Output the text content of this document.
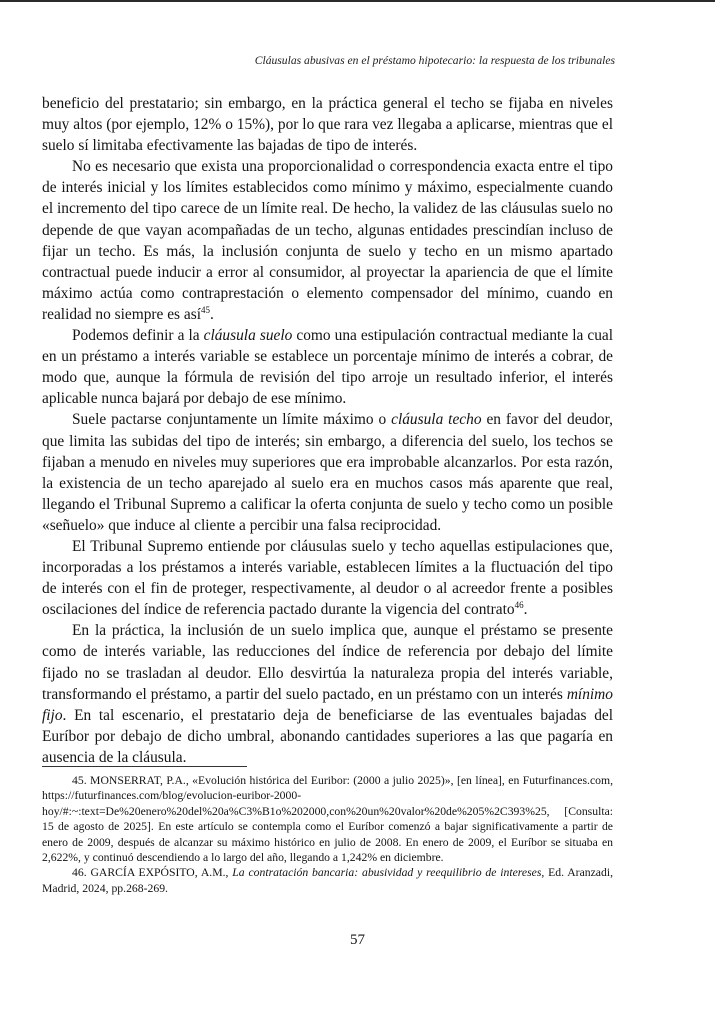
Cláusulas abusivas en el préstamo hipotecario: la respuesta de los tribunales

beneficio del prestatario; sin embargo, en la práctica general el techo se fijaba en niveles muy altos (por ejemplo, 12% o 15%), por lo que rara vez llegaba a aplicarse, mientras que el suelo sí limitaba efectivamente las bajadas de tipo de interés.

No es necesario que exista una proporcionalidad o correspondencia exacta entre el tipo de interés inicial y los límites establecidos como mínimo y máximo, especialmente cuando el incremento del tipo carece de un límite real. De hecho, la validez de las cláusulas suelo no depende de que vayan acompañadas de un techo, algunas entidades prescindían incluso de fijar un techo. Es más, la inclusión conjunta de suelo y techo en un mismo apartado contractual puede inducir a error al consumidor, al proyectar la apariencia de que el límite máximo actúa como contraprestación o elemento compensador del mínimo, cuando en realidad no siempre es así$^{45}$.

Podemos definir a la cláusula suelo como una estipulación contractual mediante la cual en un préstamo a interés variable se establece un porcentaje mínimo de interés a cobrar, de modo que, aunque la fórmula de revisión del tipo arroje un resultado inferior, el interés aplicable nunca bajará por debajo de ese mínimo.

Suele pactarse conjuntamente un límite máximo o cláusula techo en favor del deudor, que limita las subidas del tipo de interés; sin embargo, a diferencia del suelo, los techos se fijaban a menudo en niveles muy superiores que era improbable alcanzarlos. Por esta razón, la existencia de un techo aparejado al suelo era en muchos casos más aparente que real, llegando el Tribunal Supremo a calificar la oferta conjunta de suelo y techo como un posible «señuelo» que induce al cliente a percibir una falsa reciprocidad.

El Tribunal Supremo entiende por cláusulas suelo y techo aquellas estipulaciones que, incorporadas a los préstamos a interés variable, establecen límites a la fluctuación del tipo de interés con el fin de proteger, respectivamente, al deudor o al acreedor frente a posibles oscilaciones del índice de referencia pactado durante la vigencia del contrato$^{46}$.

En la práctica, la inclusión de un suelo implica que, aunque el préstamo se presente como de interés variable, las reducciones del índice de referencia por debajo del límite fijado no se trasladan al deudor. Ello desvirtúa la naturaleza propia del interés variable, transformando el préstamo, a partir del suelo pactado, en un préstamo con un interés mínimo fijo. En tal escenario, el prestatario deja de beneficiarse de las eventuales bajadas del Euríbor por debajo de dicho umbral, abonando cantidades superiores a las que pagaría en ausencia de la cláusula.

45. MONSERRAT, P.A., «Evolución histórica del Euribor: (2000 a julio 2025)», [en línea], en Futurfinances.com, https://futurfinances.com/blog/evolucion-euribor-2000-hoy/#:~:text=De%20enero%20del%20a%C3%B1o%202000,con%20un%20valor%20de%205%2C393%25, [Consulta: 15 de agosto de 2025]. En este artículo se contempla como el Euríbor comenzó a bajar significativamente a partir de enero de 2009, después de alcanzar su máximo histórico en julio de 2008. En enero de 2009, el Euríbor se situaba en 2,622%, y continuó descendiendo a lo largo del año, llegando a 1,242% en diciembre.

46. GARCÍA EXPÓSITO, A.M., La contratación bancaria: abusividad y reequilibrio de intereses, Ed. Aranzadi, Madrid, 2024, pp.268-269.

57
